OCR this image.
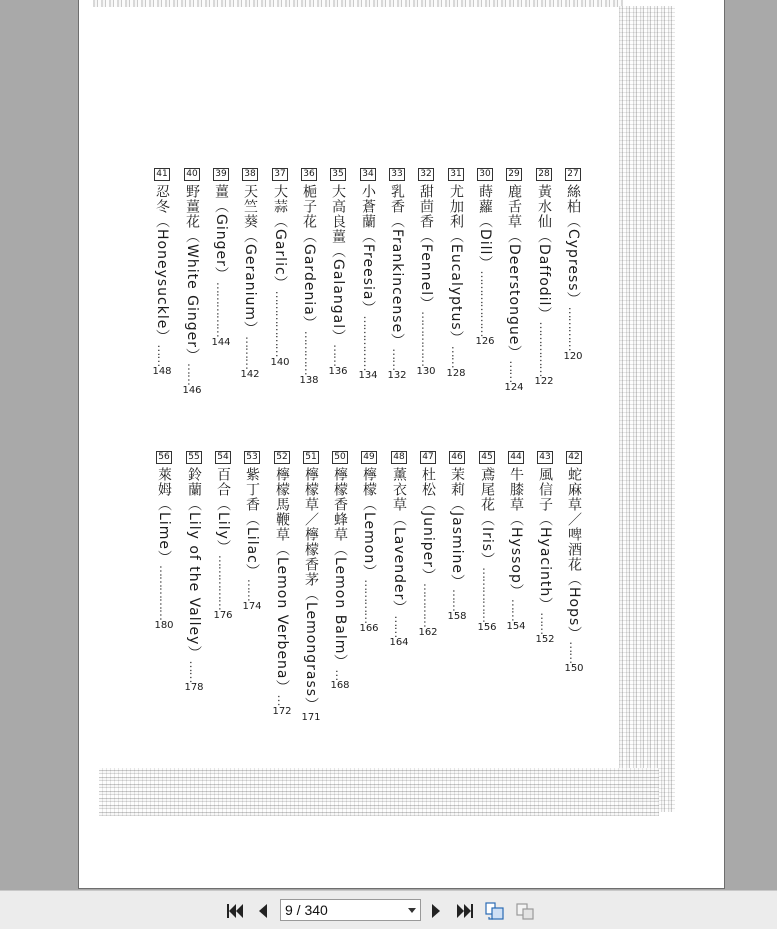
27絲柏（Cypress）…………120
28黃水仙（Daffodil）……………122
29鹿舌草（Deerstongue）……124
30蒔蘿（Dill）………………126
31尤加利（Eucalyptus）……128
32甜茴香（Fennel）……………130
33乳香（Frankincense）……132
34小蒼蘭（Freesia）……………134
35大高良薑（Galangal）……136
36梔子花（Gardenia）…………138
37大蒜（Garlic）………………140
38天竺葵（Geranium）………142
39薑（Ginger）……………144
40野薑花（White Ginger）……146
41忍冬（Honeysuckle）……148
42蛇麻草／啤酒花（Hops）……150
43風信子（Hyacinth）……152
44牛膝草（Hyssop）……154
45鳶尾花（Iris）……………156
46茉莉（Jasmine）……158
47杜松（Juniper）…………162
48薰衣草（Lavender）……164
49檸檬（Lemon）…………166
50檸檬香蜂草（Lemon Balm）…168
51檸檬草／檸檬香茅（Lemongrass）171
52檸檬馬鞭草（Lemon Verbena）…172
53紫丁香（Lilac）……174
54百合（Lily）……………176
55鈴蘭（Lily of the Valley）……178
56萊姆（Lime）……………180
9 / 340
